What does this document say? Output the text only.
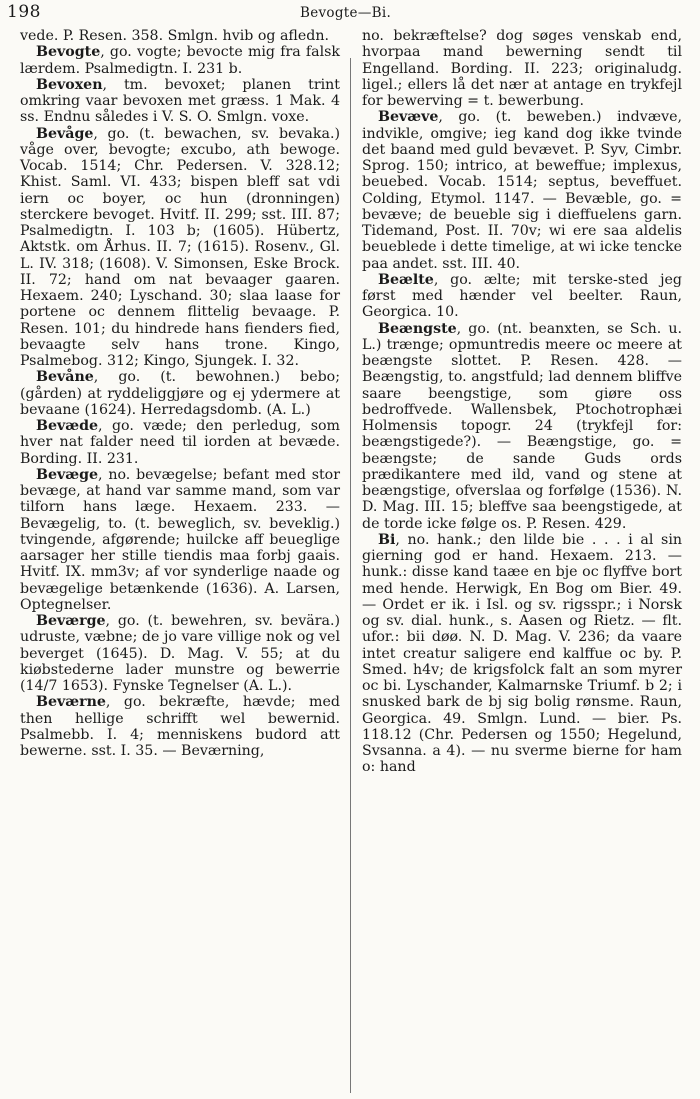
198	Bevogte—Bi.

vede. P. Resen. 358. Smlgn. hvib og afledn.

Bevogte, go. vogte; bevocte mig fra falsk lærdem. Psalmedigtn. I. 231 b.

Bevoxen, tm. bevoxet; planen trint omkring vaar bevoxen met græss. 1 Mak. 4 ss. Endnu således i V. S. O. Smlgn. voxe.

Bevåge, go. (t. bewachen, sv. bevaka.) våge over, bevogte; excubo, ath bewoge. Vocab. 1514; Chr. Pedersen. V. 328.12; Khist. Saml. VI. 433; bispen bleff sat vdi iern oc boyer, oc hun (dronningen) sterckere bevoget. Hvitf. II. 299; sst. III. 87; Psalmedigtn. I. 103 b; (1605). Hübertz, Aktstk. om Århus. II. 7; (1615). Rosenv., Gl. L. IV. 318; (1608). V. Simonsen, Eske Brock. II. 72; hand om nat bevaager gaaren. Hexaem. 240; Lyschand. 30; slaa laase for portene oc dennem flittelig bevaage. P. Resen. 101; du hindrede hans fienders fied, bevaagte selv hans trone. Kingo, Psalmebog. 312; Kingo, Sjungek. I. 32.

Bevåne, go. (t. bewohnen.) bebo; (gården) at ryddeliggjøre og ej ydermere at bevaane (1624). Herredagsdomb. (A. L.)

Bevæde, go. væde; den perledug, som hver nat falder need til iorden at bevæde. Bording. II. 231.

Bevæge, no. bevægelse; befant med stor bevæge, at hand var samme mand, som var tilforn hans læge. Hexaem. 233. — Bevægelig, to. (t. beweglich, sv. beveklig.) tvingende, afgørende; huilcke aff beueglige aarsager her stille tiendis maa forbj gaais. Hvitf. IX. mm3v; af vor synderlige naade og bevægelige betænkende (1636). A. Larsen, Optegnelser.

Beværge, go. (t. bewehren, sv. bevära.) udruste, væbne; de jo vare villige nok og vel beverget (1645). D. Mag. V. 55; at du kiøbstederne lader munstre og bewerrie (14/7 1653). Fynske Tegnelser (A. L.).

Beværne, go. bekræfte, hævde; med then hellige schrifft wel bewernid. Psalmebb. I. 4; menniskens budord att bewerne. sst. I. 35. — Beværning,

no. bekræftelse? dog søges venskab end, hvorpaa mand bewerning sendt til Engelland. Bording. II. 223; originaludg. ligel.; ellers lå det nær at antage en trykfejl for bewerving = t. bewerbung.

Bevæve, go. (t. beweben.) indvæve, indvikle, omgive; ieg kand dog ikke tvinde det baand med guld bevævet. P. Syv, Cimbr. Sprog. 150; intrico, at beweffue; implexus, beuebed. Vocab. 1514; septus, beveffuet. Colding, Etymol. 1147. — Bevæble, go. = bevæve; de beueble sig i dieffuelens garn. Tidemand, Post. II. 70v; wi ere saa aldelis beueblede i dette timelige, at wi icke tencke paa andet. sst. III. 40.

Beælte, go. ælte; mit terske-sted jeg først med hænder vel beelter. Raun, Georgica. 10.

Beængste, go. (nt. beanxten, se Sch. u. L.) trænge; opmuntredis meere oc meere at beængste slottet. P. Resen. 428. — Beængstig, to. angstfuld; lad dennem bliffve saare beengstige, som giøre oss bedroffvede. Wallensbek, Ptochotrophæi Holmensis topogr. 24 (trykfejl for: beængstigede?). — Beængstige, go. = beængste; de sande Guds ords prædikantere med ild, vand og stene at beængstige, ofverslaa og forfølge (1536). N. D. Mag. III. 15; bleffve saa beengstigede, at de torde icke følge os. P. Resen. 429.

Bi, no. hank.; den lilde bie . . . i al sin gierning god er hand. Hexaem. 213. — hunk.: disse kand taæe en bje oc flyffve bort med hende. Herwigk, En Bog om Bier. 49. — Ordet er ik. i Isl. og sv. rigsspr.; i Norsk og sv. dial. hunk., s. Aasen og Rietz. — flt. ufor.: bii døø. N. D. Mag. V. 236; da vaare intet creatur saligere end kalffue oc by. P. Smed. h4v; de krigsfolck falt an som myrer oc bi. Lyschander, Kalmarnske Triumf. b 2; i snusked bark de bj sig bolig rønsme. Raun, Georgica. 49. Smlgn. Lund. — bier. Ps. 118.12 (Chr. Pedersen og 1550; Hegelund, Svsanna. a 4). — nu sverme bierne for ham o: hand
